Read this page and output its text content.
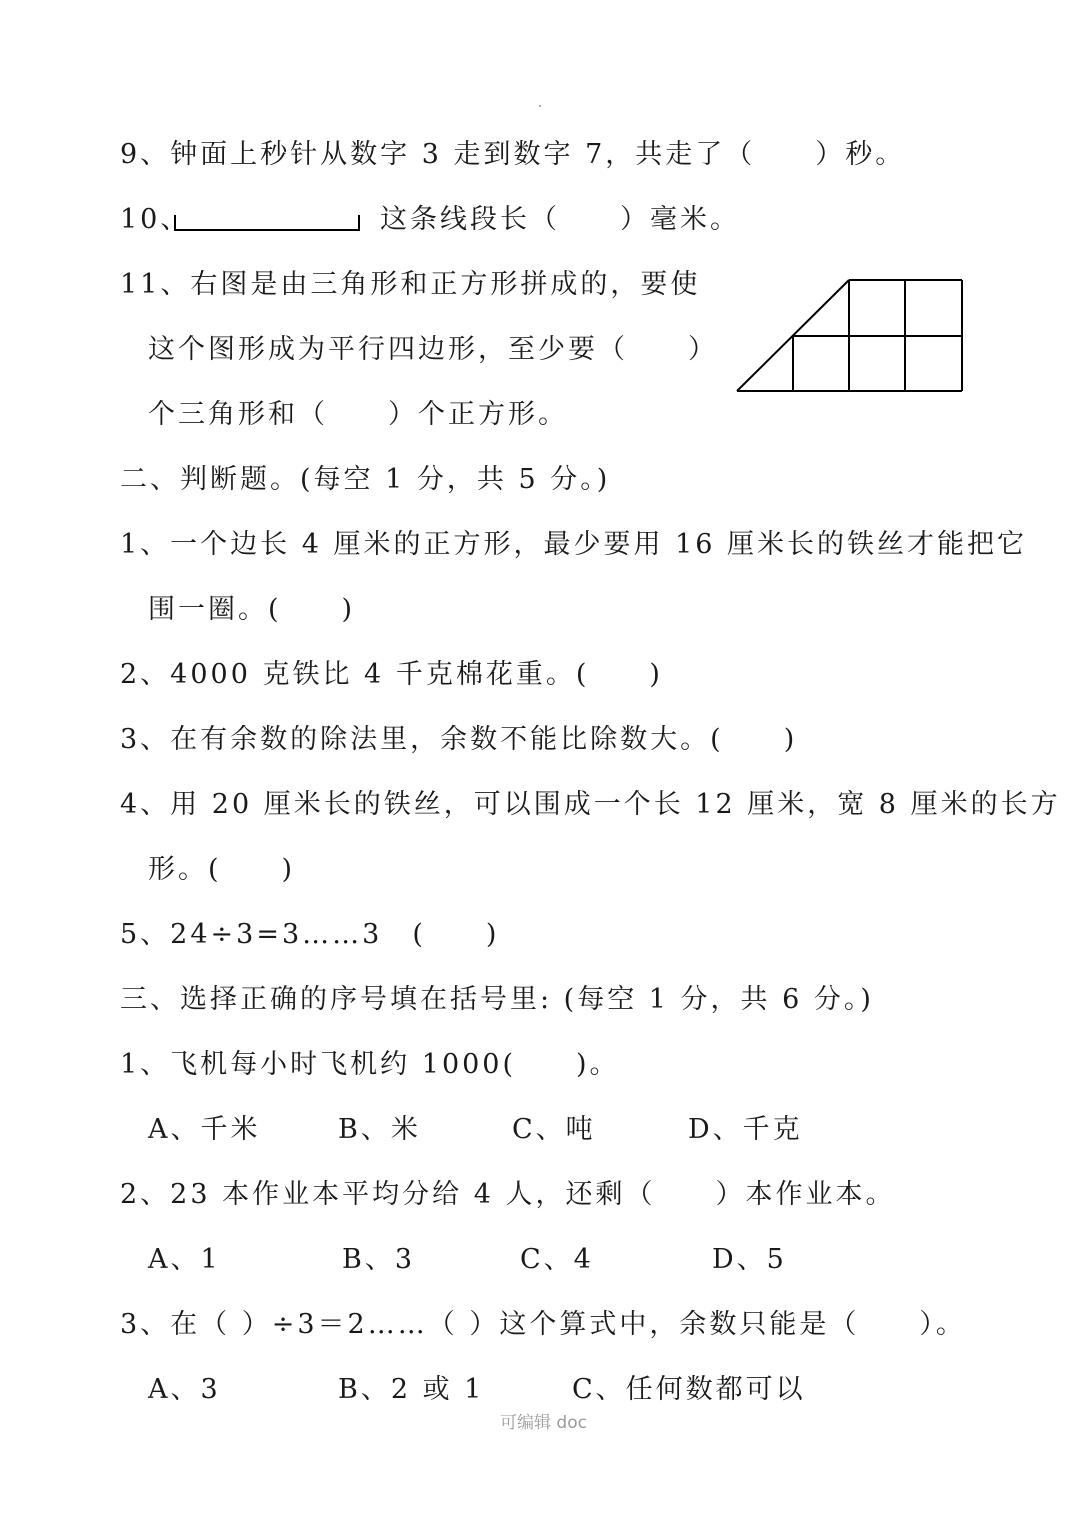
9、钟面上秒针从数字 3 走到数字 7，共走了（　　）秒。
10、	这条线段长（　　）毫米。
11、右图是由三角形和正方形拼成的，要使
这个图形成为平行四边形，至少要（　　）
个三角形和（　　）个正方形。
二、判断题。(每空 1 分，共 5 分。)
1、一个边长 4 厘米的正方形，最少要用 16 厘米长的铁丝才能把它
围一圈。(　　)
2、4000 克铁比 4 千克棉花重。(　　)
3、在有余数的除法里，余数不能比除数大。(　　)
4、用 20 厘米长的铁丝，可以围成一个长 12 厘米，宽 8 厘米的长方
形。(　　)
5、24÷3=3……3　(　　)
三、选择正确的序号填在括号里: (每空 1 分，共 6 分。)
1、飞机每小时飞机约 1000(　　)。
A、千米	B、米	C、吨	D、千克
2、23 本作业本平均分给 4 人，还剩（　　）本作业本。
A、1	B、3	C、4	D、5
3、在（ ）÷3＝2……（ ）这个算式中，余数只能是（　　）。
A、3	B、2 或 1	C、任何数都可以
可编辑 doc
